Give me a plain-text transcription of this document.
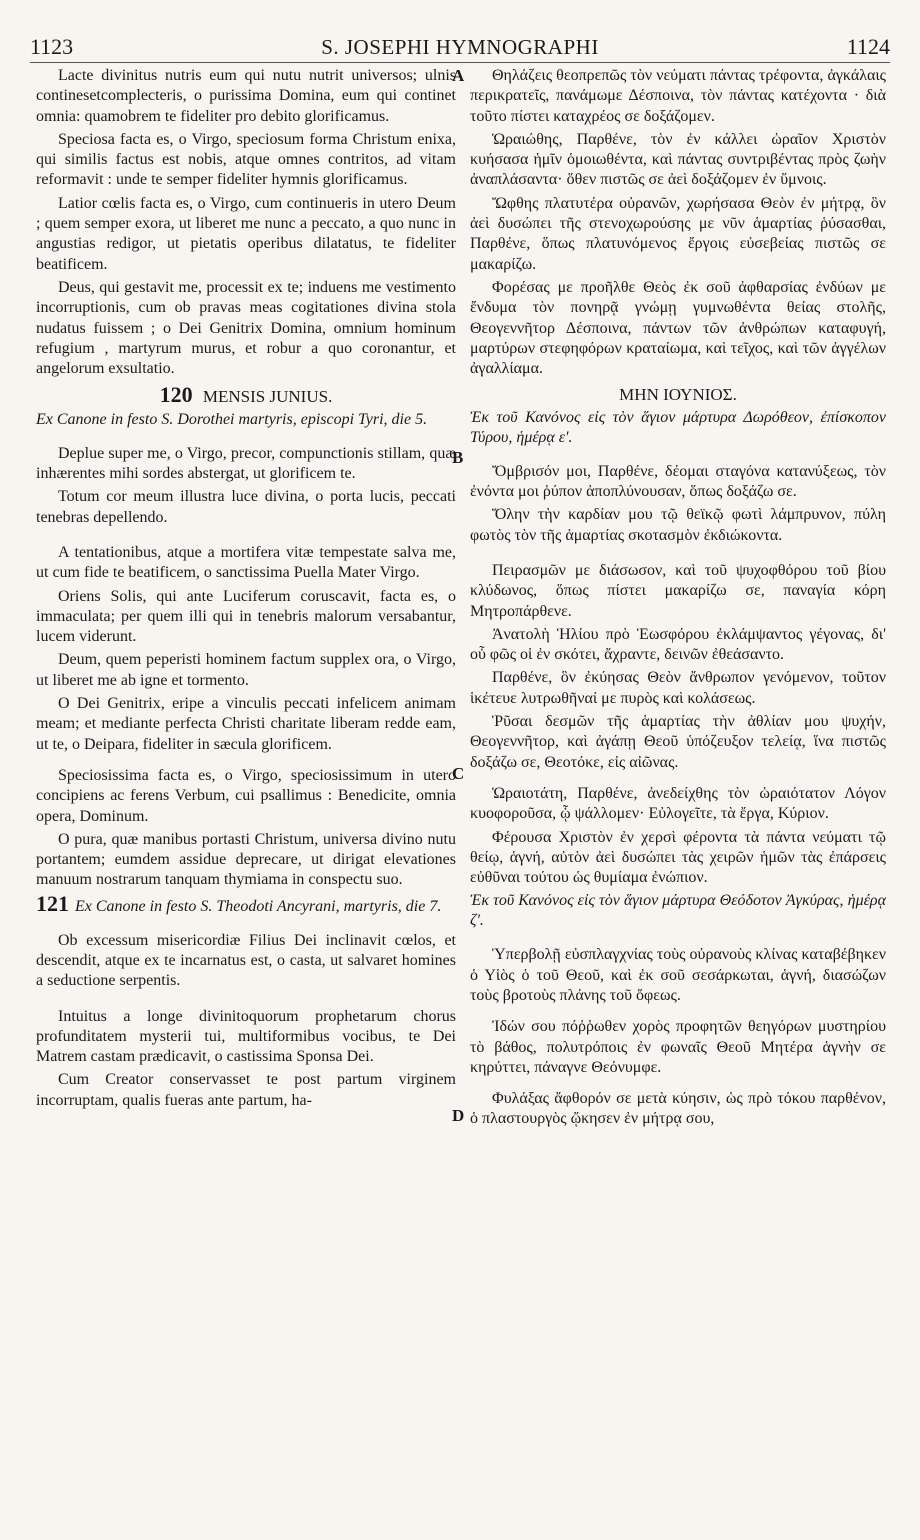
1123	S. JOSEPHI HYMNOGRAPHI	1124
A
B
C
D

Lacte divinitus nutris eum qui nutu nutrit universos; ulnis continesetcomplecteris, o purissima Domina, eum qui continet omnia: quamobrem te fideliter pro debito glorificamus.

Speciosa facta es, o Virgo, speciosum forma Christum enixa, qui similis factus est nobis, atque omnes contritos, ad vitam reformavit : unde te semper fideliter hymnis glorificamus.

Latior cœlis facta es, o Virgo, cum continueris in utero Deum ; quem semper exora, ut liberet me nunc a peccato, a quo nunc in angustias redigor, ut pietatis operibus dilatatus, te fideliter beatificem.

Deus, qui gestavit me, processit ex te; induens me vestimento incorruptionis, cum ob pravas meas cogitationes divina stola nudatus fuissem ; o Dei Genitrix Domina, omnium hominum refugium , martyrum murus, et robur a quo coronantur, et angelorum exsultatio.

120 MENSIS JUNIUS.
Ex Canone in festo S. Dorothei martyris, episcopi Tyri, die 5.

Deplue super me, o Virgo, precor, compunctionis stillam, quæ inhærentes mihi sordes abstergat, ut glorificem te.

Totum cor meum illustra luce divina, o porta lucis, peccati tenebras depellendo.

A tentationibus, atque a mortifera vitæ tempestate salva me, ut cum fide te beatificem, o sanctissima Puella Mater Virgo.

Oriens Solis, qui ante Luciferum coruscavit, facta es, o immaculata; per quem illi qui in tenebris malorum versabantur, lucem viderunt.

Deum, quem peperisti hominem factum supplex ora, o Virgo, ut liberet me ab igne et tormento.

O Dei Genitrix, eripe a vinculis peccati infelicem animam meam; et mediante perfecta Christi charitate liberam redde eam, ut te, o Deipara, fideliter in sæcula glorificem.

Speciosissima facta es, o Virgo, speciosissimum in utero concipiens ac ferens Verbum, cui psallimus : Benedicite, omnia opera, Dominum.

O pura, quæ manibus portasti Christum, universa divino nutu portantem; eumdem assidue deprecare, ut dirigat elevationes manuum nostrarum tanquam thymiama in conspectu suo.

121 Ex Canone in festo S. Theodoti Ancyrani, martyris, die 7.

Ob excessum misericordiæ Filius Dei inclinavit cœlos, et descendit, atque ex te incarnatus est, o casta, ut salvaret homines a seductione serpentis.

Intuitus a longe divinitoquorum prophetarum chorus profunditatem mysterii tui, multiformibus vocibus, te Dei Matrem castam prædicavit, o castissima Sponsa Dei.

Cum Creator conservasset te post partum virginem incorruptam, qualis fueras ante partum, ha-

Θηλάζεις θεοπρεπῶς τὸν νεύματι πάντας τρέφοντα, ἀγκάλαις περικρατεῖς, πανάμωμε Δέσποινα, τὸν πάντας κατέχοντα · διὰ τοῦτο πίστει καταχρέος σε δοξάζομεν.

Ὡραιώθης, Παρθένε, τὸν ἐν κάλλει ὡραῖον Χριστὸν κυήσασα ἡμῖν ὁμοιωθέντα, καὶ πάντας συντριβέντας πρὸς ζωὴν ἀναπλάσαντα· ὅθεν πιστῶς σε ἀεὶ δοξάζομεν ἐν ὕμνοις.

Ὤφθης πλατυτέρα οὐρανῶν, χωρήσασα Θεὸν ἐν μήτρᾳ, ὃν ἀεὶ δυσώπει τῆς στενοχωρούσης με νῦν ἁμαρτίας ῥύσασθαι, Παρθένε, ὅπως πλατυνόμενος ἔργοις εὐσεβείας πιστῶς σε μακαρίζω.

Φορέσας με προῆλθε Θεὸς ἐκ σοῦ ἀφθαρσίας ἐνδύων με ἔνδυμα τὸν πονηρᾷ γνώμῃ γυμνωθέντα θείας στολῆς, Θεογεννῆτορ Δέσποινα, πάντων τῶν ἀνθρώπων καταφυγή, μαρτύρων στεφηφόρων κραταίωμα, καὶ τεῖχος, καὶ τῶν ἀγγέλων ἀγαλλίαμα.

ΜΗΝ ΙΟΥΝΙΟΣ.
Ἐκ τοῦ Κανόνος εἰς τὸν ἅγιον μάρτυρα Δωρόθεον, ἐπίσκοπον Τύρου, ἡμέρᾳ ε'.

Ὄμβρισόν μοι, Παρθένε, δέομαι σταγόνα κατανύξεως, τὸν ἐνόντα μοι ῥύπον ἀποπλύνουσαν, ὅπως δοξάζω σε.

Ὅλην τὴν καρδίαν μου τῷ θεϊκῷ φωτὶ λάμπρυνον, πύλη φωτὸς τὸν τῆς ἁμαρτίας σκοτασμὸν ἐκδιώκοντα.

Πειρασμῶν με διάσωσον, καὶ τοῦ ψυχοφθόρου τοῦ βίου κλύδωνος, ὅπως πίστει μακαρίζω σε, παναγία κόρη Μητροπάρθενε.

Ἀνατολὴ Ἡλίου πρὸ Ἑωσφόρου ἐκλάμψαντος γέγονας, δι' οὗ φῶς οἱ ἐν σκότει, ἄχραντε, δεινῶν ἐθεάσαντο.

Παρθένε, ὃν ἐκύησας Θεὸν ἄνθρωπον γενόμενον, τοῦτον ἱκέτευε λυτρωθῆναί με πυρὸς καὶ κολάσεως.

Ῥῦσαι δεσμῶν τῆς ἁμαρτίας τὴν ἀθλίαν μου ψυχήν, Θεογεννῆτορ, καὶ ἀγάπῃ Θεοῦ ὑπόζευξον τελείᾳ, ἵνα πιστῶς δοξάζω σε, Θεοτόκε, εἰς αἰῶνας.

Ὡραιοτάτη, Παρθένε, ἀνεδείχθης τὸν ὡραιότατον Λόγον κυοφοροῦσα, ᾧ ψάλλομεν· Εὐλογεῖτε, τὰ ἔργα, Κύριον.

Φέρουσα Χριστὸν ἐν χερσὶ φέροντα τὰ πάντα νεύματι τῷ θείῳ, ἁγνή, αὐτὸν ἀεὶ δυσώπει τὰς χειρῶν ἡμῶν τὰς ἐπάρσεις εὐθῦναι τούτου ὡς θυμίαμα ἐνώπιον.

Ἐκ τοῦ Κανόνος εἰς τὸν ἅγιον μάρτυρα Θεόδοτον Ἀγκύρας, ἡμέρᾳ ζ'.

Ὑπερβολῇ εὐσπλαγχνίας τοὺς οὐρανοὺς κλίνας καταβέβηκεν ὁ Υἱὸς ὁ τοῦ Θεοῦ, καὶ ἐκ σοῦ σεσάρκωται, ἁγνή, διασώζων τοὺς βροτοὺς πλάνης τοῦ ὄφεως.

Ἰδών σου πόῤῥωθεν χορὸς προφητῶν θεηγόρων μυστηρίου τὸ βάθος, πολυτρόποις ἐν φωναῖς Θεοῦ Μητέρα ἁγνὴν σε κηρύττει, πάναγνε Θεόνυμφε.

Φυλάξας ἄφθορόν σε μετὰ κύησιν, ὡς πρὸ τόκου παρθένον, ὁ πλαστουργὸς ᾤκησεν ἐν μήτρᾳ σου,
